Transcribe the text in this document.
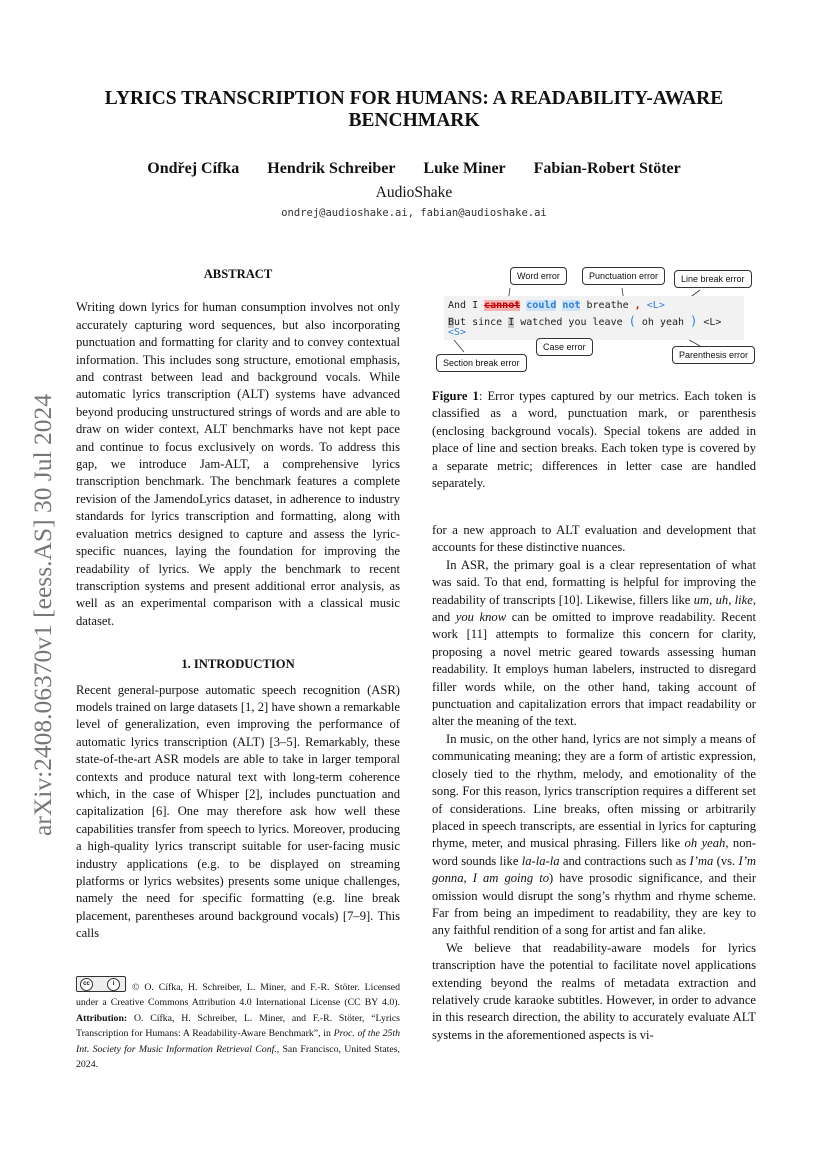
LYRICS TRANSCRIPTION FOR HUMANS: A READABILITY-AWARE
BENCHMARK
Ondřej Cífka Hendrik Schreiber Luke Miner Fabian-Robert Stöter
AudioShake
ondrej@audioshake.ai, fabian@audioshake.ai
arXiv:2408.06370v1 [eess.AS] 30 Jul 2024
ABSTRACT

Writing down lyrics for human consumption involves not only accurately capturing word sequences, but also incorporating punctuation and formatting for clarity and to convey contextual information. This includes song structure, emotional emphasis, and contrast between lead and background vocals. While automatic lyrics transcription (ALT) systems have advanced beyond producing unstructured strings of words and are able to draw on wider context, ALT benchmarks have not kept pace and continue to focus exclusively on words. To address this gap, we introduce Jam-ALT, a comprehensive lyrics transcription benchmark. The benchmark features a complete revision of the JamendoLyrics dataset, in adherence to industry standards for lyrics transcription and formatting, along with evaluation metrics designed to capture and assess the lyric-specific nuances, laying the foundation for improving the readability of lyrics. We apply the benchmark to recent transcription systems and present additional error analysis, as well as an experimental comparison with a classical music dataset.

1. INTRODUCTION

Recent general-purpose automatic speech recognition (ASR) models trained on large datasets [1, 2] have shown a remarkable level of generalization, even improving the performance of automatic lyrics transcription (ALT) [3–5]. Remarkably, these state-of-the-art ASR models are able to take in larger temporal contexts and produce natural text with long-term coherence which, in the case of Whisper [2], includes punctuation and capitalization [6]. One may therefore ask how well these capabilities transfer from speech to lyrics. Moreover, producing a high-quality lyrics transcript suitable for user-facing music industry applications (e.g. to be displayed on streaming platforms or lyrics websites) presents some unique challenges, namely the need for specific formatting (e.g. line break placement, parentheses around background vocals) [7–9]. This calls

cc	i	© O. Cífka, H. Schreiber, L. Miner, and F.-R. Stöter. Licensed under a Creative Commons Attribution 4.0 International License (CC BY 4.0). Attribution: O. Cífka, H. Schreiber, L. Miner, and F.-R. Stöter, “Lyrics Transcription for Humans: A Readability-Aware Benchmark”, in Proc. of the 25th Int. Society for Music Information Retrieval Conf., San Francisco, United States, 2024.
Word error	Punctuation error	Line break error
And I cannot could not breathe , <L>
But since I watched you leave ( oh yeah ) <L>
<S>
Case error
Section break error
Parenthesis error
Figure 1: Error types captured by our metrics. Each token is classified as a word, punctuation mark, or parenthesis (enclosing background vocals). Special tokens are added in place of line and section breaks. Each token type is covered by a separate metric; differences in letter case are handled separately.

for a new approach to ALT evaluation and development that accounts for these distinctive nuances.

In ASR, the primary goal is a clear representation of what was said. To that end, formatting is helpful for improving the readability of transcripts [10]. Likewise, fillers like um, uh, like, and you know can be omitted to improve readability. Recent work [11] attempts to formalize this concern for clarity, proposing a novel metric geared towards assessing human readability. It employs human labelers, instructed to disregard filler words while, on the other hand, taking account of punctuation and capitalization errors that impact readability or alter the meaning of the text.

In music, on the other hand, lyrics are not simply a means of communicating meaning; they are a form of artistic expression, closely tied to the rhythm, melody, and emotionality of the song. For this reason, lyrics transcription requires a different set of considerations. Line breaks, often missing or arbitrarily placed in speech transcripts, are essential in lyrics for capturing rhyme, meter, and musical phrasing. Fillers like oh yeah, non-word sounds like la-la-la and contractions such as I’ma (vs. I’m gonna, I am going to) have prosodic significance, and their omission would disrupt the song’s rhythm and rhyme scheme. Far from being an impediment to readability, they are key to any faithful rendition of a song for artist and fan alike.

We believe that readability-aware models for lyrics transcription have the potential to facilitate novel applications extending beyond the realms of metadata extraction and relatively crude karaoke subtitles. However, in order to advance in this research direction, the ability to accurately evaluate ALT systems in the aforementioned aspects is vi-
